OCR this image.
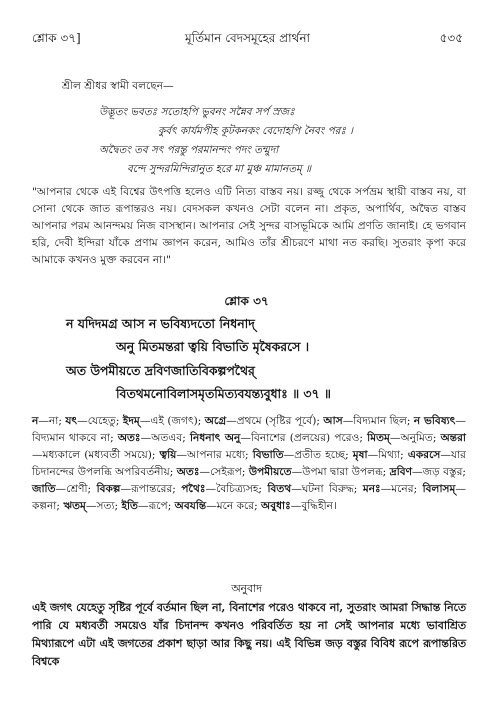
শ্লোক ৩৭]	মূর্তিমান বেদসমূহের প্রার্থনা	৫৩৫
শ্রীল শ্রীধর স্বামী বলছেন—
উদ্ভূতং ভবতঃ সতোহপি ভুবনং সন্নৈব সর্প স্রজঃ
কুর্বৎ কার্যমপীহ কূটকনকং বেদোহপি নৈবং পরঃ ।
অদ্বৈতং তব সৎ পরন্তু পরমানন্দং পদং তন্মুদা
বন্দে সুন্দরমিন্দিরানুত হরে মা মুঞ্চ মামানতম্ ॥
"আপনার থেকে এই বিশ্বের উৎপত্তি হলেও এটি নিত্য বাস্তব নয়। রজ্জু থেকে সর্পভ্রম স্থায়ী বাস্তব নয়, বা সোনা থেকে জাত রূপান্তরও নয়। বেদসকল কখনও সেটা বলেন না। প্রকৃত, অপার্থিব, অদ্বৈত বাস্তব আপনার পরম আনন্দময় নিজ বাসস্থান। আপনার সেই সুন্দর বাসভূমিকে আমি প্রণতি জানাই। হে ভগবান হরি, দেবী ইন্দিরা যাঁকে প্রণাম জ্ঞাপন করেন, আমিও তাঁর শ্রীচরণে মাথা নত করছি। সুতরাং কৃপা করে আমাকে কখনও মুক্ত করবেন না।"
শ্লোক ৩৭
ন যদিদমগ্র আস ন ভবিষ্যদতো নিধনাদ্
অনু মিতমন্তরা ত্বয়ি বিভাতি মৃষৈকরসে ।
অত উপমীয়তে দ্রবিণজাতিবিকল্পপথৈর্
বিতথমনোবিলাসমৃতমিত্যবযন্ত্যবুধাঃ ॥ ৩৭ ॥
ন—না; যৎ—যেহেতু; ইদম্—এই (জগৎ); অগ্রে—প্রথমে (সৃষ্টির পূর্বে); আস—বিদ্যমান ছিল; ন ভবিষ্যৎ—বিদ্যমান থাকবে না; অতঃ—অতএব; নিধনাৎ অনু—বিনাশের (প্রলয়ের) পরেও; মিতম্—অনুমিত; অন্তরা—মধ্যকালে (মধ্যবর্তী সময়ে); ত্বয়ি—আপনার মধ্যে; বিভাতি—প্রতীত হচ্ছে; মৃষা—মিথ্যা; একরসে—যার চিদানন্দের উপলব্ধি অপরিবর্তনীয়; অতঃ—সেইরূপ; উপমীয়তে—উপমা দ্বারা উপলব্ধ; দ্রবিণ—জড় বস্তুর; জাতি—শ্রেণী; বিকল্প—রূপান্তরের; পথৈঃ—বৈচিত্র্যসহ; বিতথ—ঘটনা বিরুদ্ধ; মনঃ—মনের; বিলাসম্—কল্পনা; ঋতম্—সত্য; ইতি—রূপে; অবযন্তি—মনে করে; অবুধাঃ—বুদ্ধিহীন।
অনুবাদ
এই জগৎ যেহেতু সৃষ্টির পূর্বে বর্তমান ছিল না, বিনাশের পরেও থাকবে না, সুতরাং আমরা সিদ্ধান্ত নিতে পারি যে মধ্যবর্তী সময়েও যাঁর চিদানন্দ কখনও পরিবর্তিত হয় না সেই আপনার মধ্যে ভাবাশ্রিত মিথ্যারূপে এটা এই জগতের প্রকাশ ছাড়া আর কিছু নয়। এই বিভিন্ন জড় বস্তুর বিবিধ রূপে রূপান্তরিত বিশ্বকে
